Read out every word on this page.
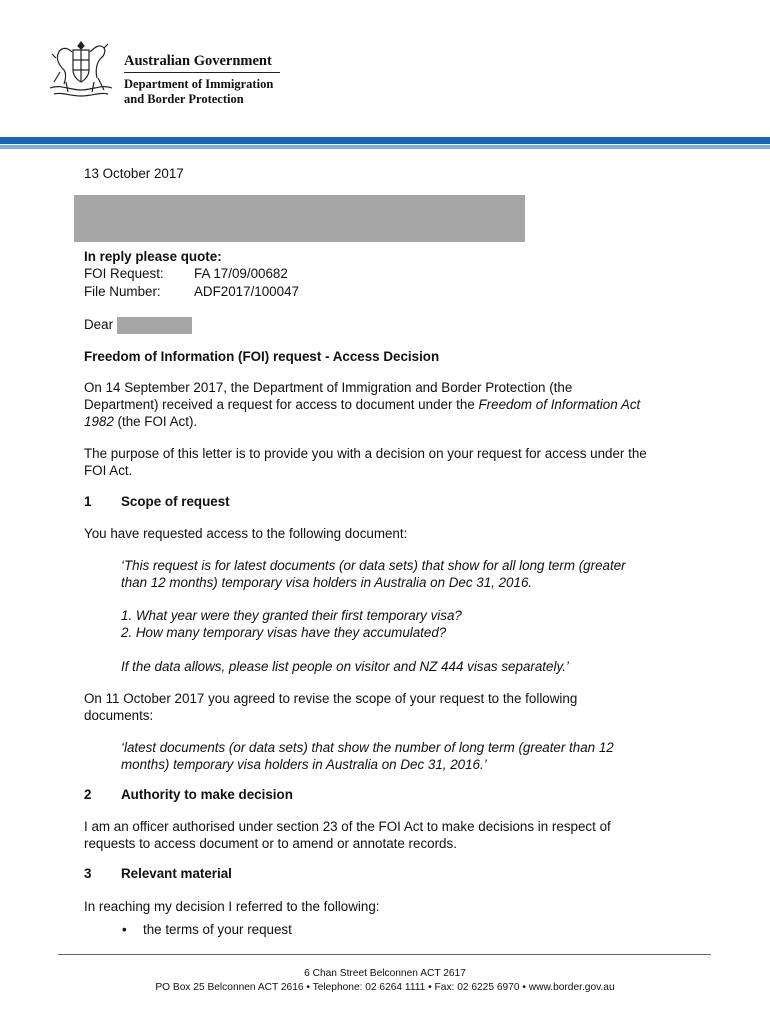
Australian Government
Department of Immigration
and Border Protection
13 October 2017
In reply please quote:
FOI Request:	FA 17/09/00682
File Number:	ADF2017/100047
Dear
Freedom of Information (FOI) request - Access Decision
On 14 September 2017, the Department of Immigration and Border Protection (the
Department) received a request for access to document under the Freedom of Information Act
1982 (the FOI Act).
The purpose of this letter is to provide you with a decision on your request for access under the
FOI Act.
1 Scope of request
You have requested access to the following document:
‘This request is for latest documents (or data sets) that show for all long term (greater
than 12 months) temporary visa holders in Australia on Dec 31, 2016.
1. What year were they granted their first temporary visa?
2. How many temporary visas have they accumulated?
If the data allows, please list people on visitor and NZ 444 visas separately.’
On 11 October 2017 you agreed to revise the scope of your request to the following
documents:
‘latest documents (or data sets) that show the number of long term (greater than 12
months) temporary visa holders in Australia on Dec 31, 2016.’
2 Authority to make decision
I am an officer authorised under section 23 of the FOI Act to make decisions in respect of
requests to access document or to amend or annotate records.
3 Relevant material
In reaching my decision I referred to the following:
• the terms of your request
6 Chan Street Belconnen ACT 2617
PO Box 25 Belconnen ACT 2616 • Telephone: 02 6264 1111 • Fax: 02 6225 6970 • www.border.gov.au
